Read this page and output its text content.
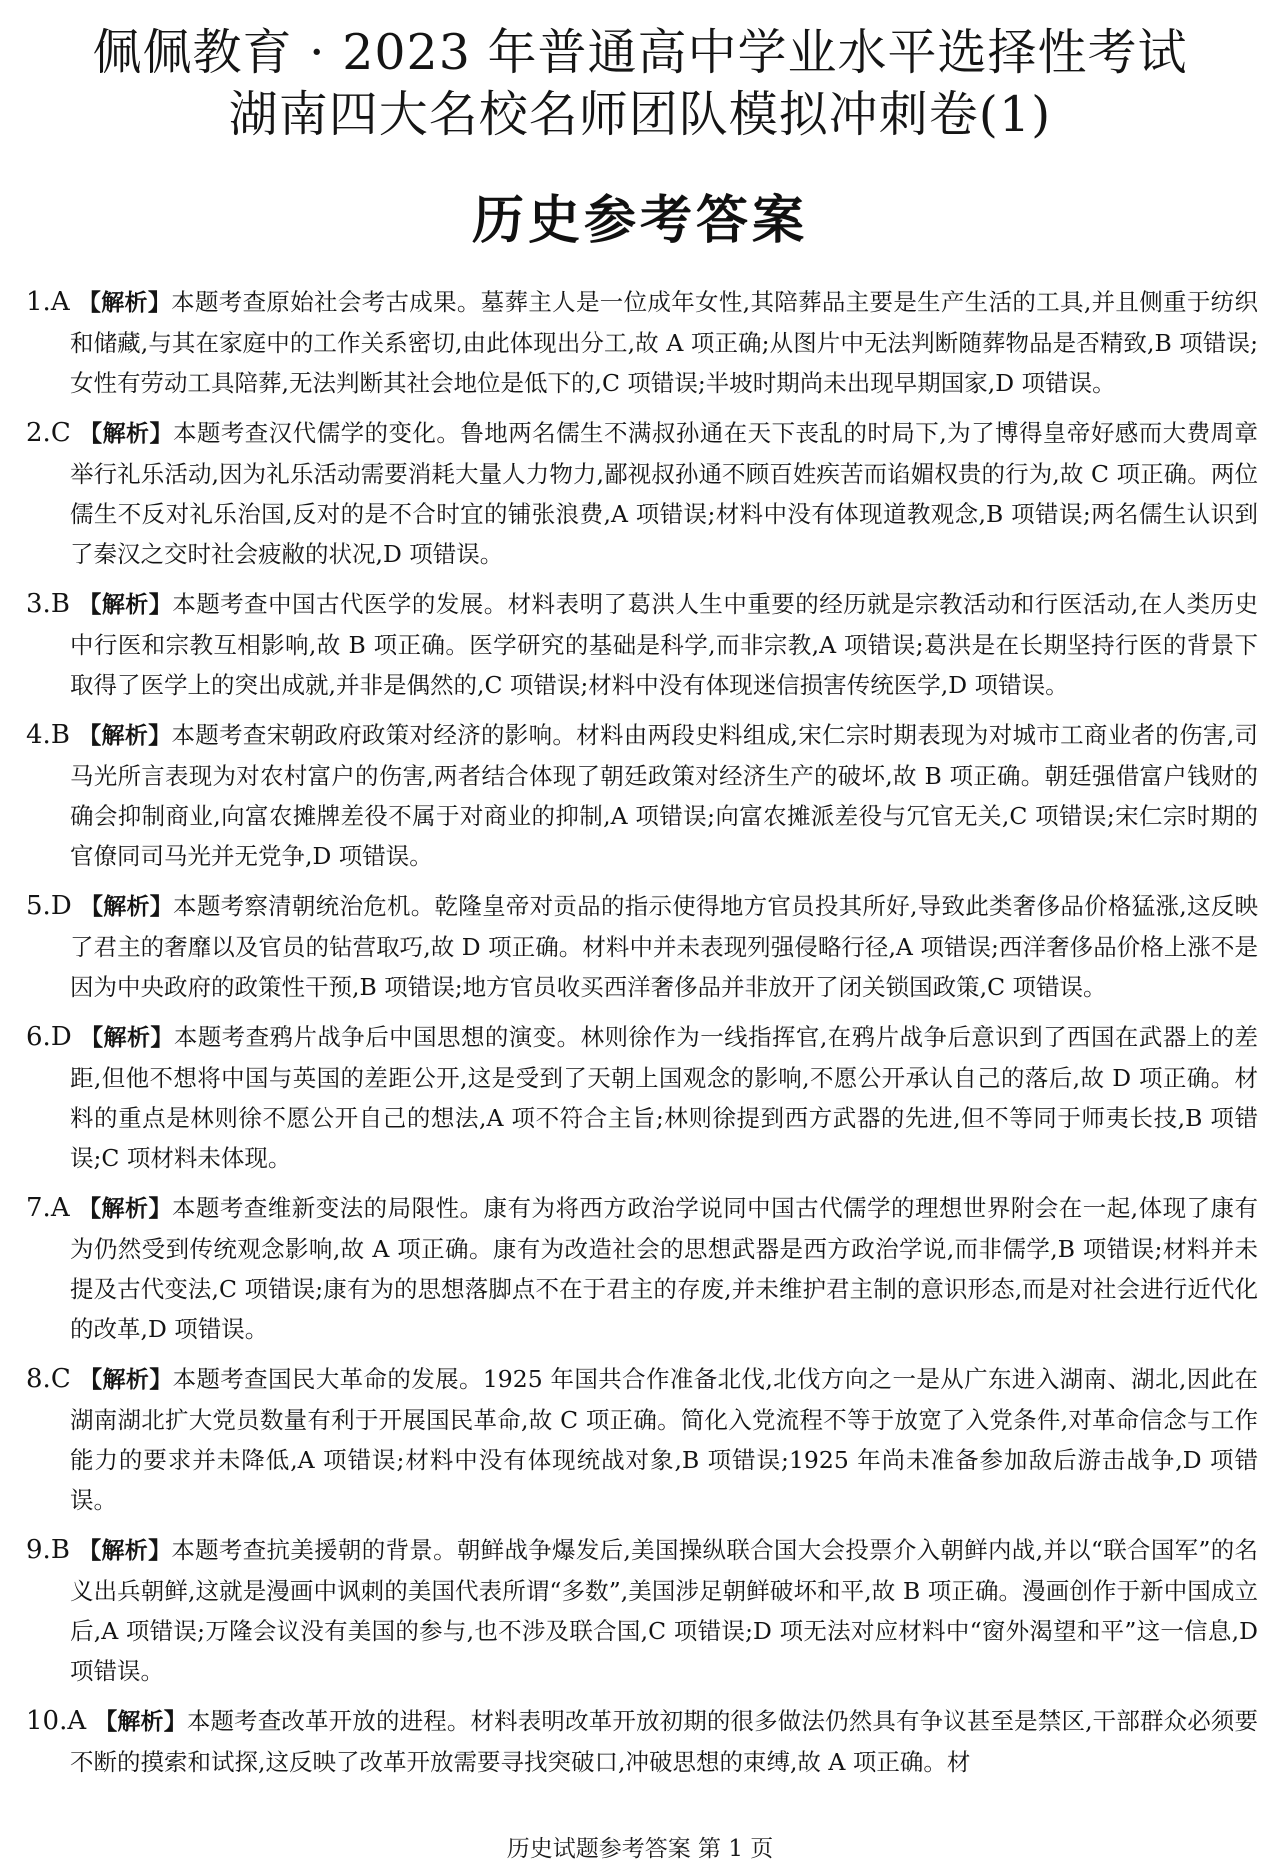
佩佩教育 · 2023 年普通高中学业水平选择性考试
湖南四大名校名师团队模拟冲刺卷(1)
历史参考答案

1.A 【解析】本题考查原始社会考古成果。墓葬主人是一位成年女性,其陪葬品主要是生产生活的工具,并且侧重于纺织和储藏,与其在家庭中的工作关系密切,由此体现出分工,故 A 项正确;从图片中无法判断随葬物品是否精致,B 项错误;女性有劳动工具陪葬,无法判断其社会地位是低下的,C 项错误;半坡时期尚未出现早期国家,D 项错误。

2.C 【解析】本题考查汉代儒学的变化。鲁地两名儒生不满叔孙通在天下丧乱的时局下,为了博得皇帝好感而大费周章举行礼乐活动,因为礼乐活动需要消耗大量人力物力,鄙视叔孙通不顾百姓疾苦而谄媚权贵的行为,故 C 项正确。两位儒生不反对礼乐治国,反对的是不合时宜的铺张浪费,A 项错误;材料中没有体现道教观念,B 项错误;两名儒生认识到了秦汉之交时社会疲敝的状况,D 项错误。

3.B 【解析】本题考查中国古代医学的发展。材料表明了葛洪人生中重要的经历就是宗教活动和行医活动,在人类历史中行医和宗教互相影响,故 B 项正确。医学研究的基础是科学,而非宗教,A 项错误;葛洪是在长期坚持行医的背景下取得了医学上的突出成就,并非是偶然的,C 项错误;材料中没有体现迷信损害传统医学,D 项错误。

4.B 【解析】本题考查宋朝政府政策对经济的影响。材料由两段史料组成,宋仁宗时期表现为对城市工商业者的伤害,司马光所言表现为对农村富户的伤害,两者结合体现了朝廷政策对经济生产的破坏,故 B 项正确。朝廷强借富户钱财的确会抑制商业,向富农摊牌差役不属于对商业的抑制,A 项错误;向富农摊派差役与冗官无关,C 项错误;宋仁宗时期的官僚同司马光并无党争,D 项错误。

5.D 【解析】本题考察清朝统治危机。乾隆皇帝对贡品的指示使得地方官员投其所好,导致此类奢侈品价格猛涨,这反映了君主的奢靡以及官员的钻营取巧,故 D 项正确。材料中并未表现列强侵略行径,A 项错误;西洋奢侈品价格上涨不是因为中央政府的政策性干预,B 项错误;地方官员收买西洋奢侈品并非放开了闭关锁国政策,C 项错误。

6.D 【解析】本题考查鸦片战争后中国思想的演变。林则徐作为一线指挥官,在鸦片战争后意识到了西国在武器上的差距,但他不想将中国与英国的差距公开,这是受到了天朝上国观念的影响,不愿公开承认自己的落后,故 D 项正确。材料的重点是林则徐不愿公开自己的想法,A 项不符合主旨;林则徐提到西方武器的先进,但不等同于师夷长技,B 项错误;C 项材料未体现。

7.A 【解析】本题考查维新变法的局限性。康有为将西方政治学说同中国古代儒学的理想世界附会在一起,体现了康有为仍然受到传统观念影响,故 A 项正确。康有为改造社会的思想武器是西方政治学说,而非儒学,B 项错误;材料并未提及古代变法,C 项错误;康有为的思想落脚点不在于君主的存废,并未维护君主制的意识形态,而是对社会进行近代化的改革,D 项错误。

8.C 【解析】本题考查国民大革命的发展。1925 年国共合作准备北伐,北伐方向之一是从广东进入湖南、湖北,因此在湖南湖北扩大党员数量有利于开展国民革命,故 C 项正确。简化入党流程不等于放宽了入党条件,对革命信念与工作能力的要求并未降低,A 项错误;材料中没有体现统战对象,B 项错误;1925 年尚未准备参加敌后游击战争,D 项错误。

9.B 【解析】本题考查抗美援朝的背景。朝鲜战争爆发后,美国操纵联合国大会投票介入朝鲜内战,并以“联合国军”的名义出兵朝鲜,这就是漫画中讽刺的美国代表所谓“多数”,美国涉足朝鲜破坏和平,故 B 项正确。漫画创作于新中国成立后,A 项错误;万隆会议没有美国的参与,也不涉及联合国,C 项错误;D 项无法对应材料中“窗外渴望和平”这一信息,D 项错误。

10.A 【解析】本题考查改革开放的进程。材料表明改革开放初期的很多做法仍然具有争议甚至是禁区,干部群众必须要不断的摸索和试探,这反映了改革开放需要寻找突破口,冲破思想的束缚,故 A 项正确。材

历史试题参考答案 第 1 页
